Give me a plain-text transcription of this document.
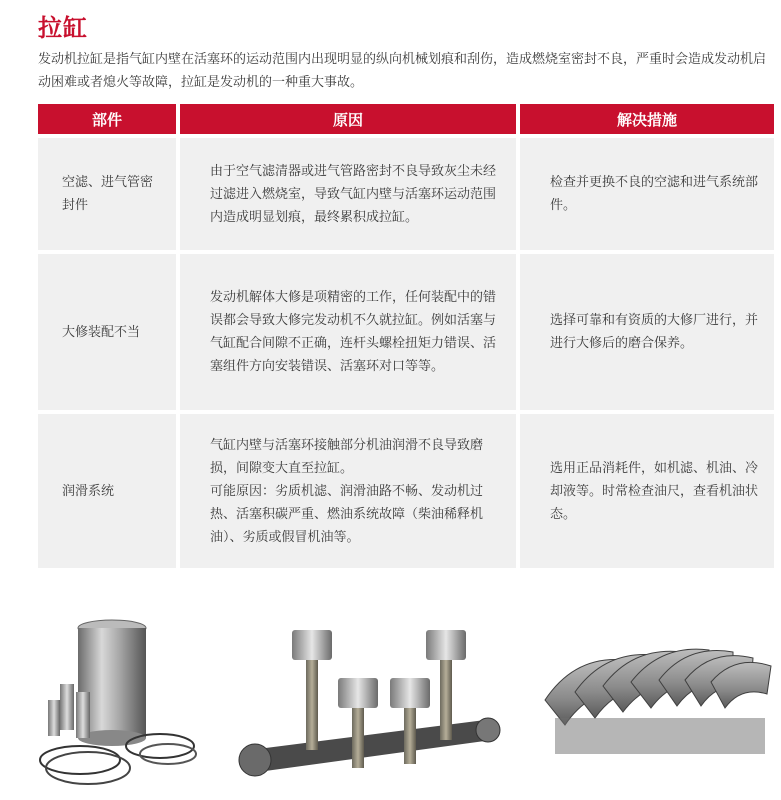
拉缸
发动机拉缸是指气缸内壁在活塞环的运动范围内出现明显的纵向机械划痕和刮伤，造成燃烧室密封不良，严重时会造成发动机启动困难或者熄火等故障，拉缸是发动机的一种重大事故。
部件	原因	解决措施
空滤、进气管密
封件
由于空气滤清器或进气管路密封不良导致灰尘未经过滤进入燃烧室，导致气缸内壁与活塞环运动范围内造成明显划痕，最终累积成拉缸。
检查并更换不良的空滤和进气系统部件。
大修装配不当
发动机解体大修是项精密的工作，任何装配中的错误都会导致大修完发动机不久就拉缸。例如活塞与气缸配合间隙不正确，连杆头螺栓扭矩力错误、活塞组件方向安装错误、活塞环对口等等。
选择可靠和有资质的大修厂进行，并进行大修后的磨合保养。
润滑系统
气缸内壁与活塞环接触部分机油润滑不良导致磨损，间隙变大直至拉缸。
可能原因：劣质机滤、润滑油路不畅、发动机过热、活塞积碳严重、燃油系统故障（柴油稀释机油）、劣质或假冒机油等。
选用正品消耗件，如机滤、机油、冷却液等。时常检查油尺，查看机油状态。
